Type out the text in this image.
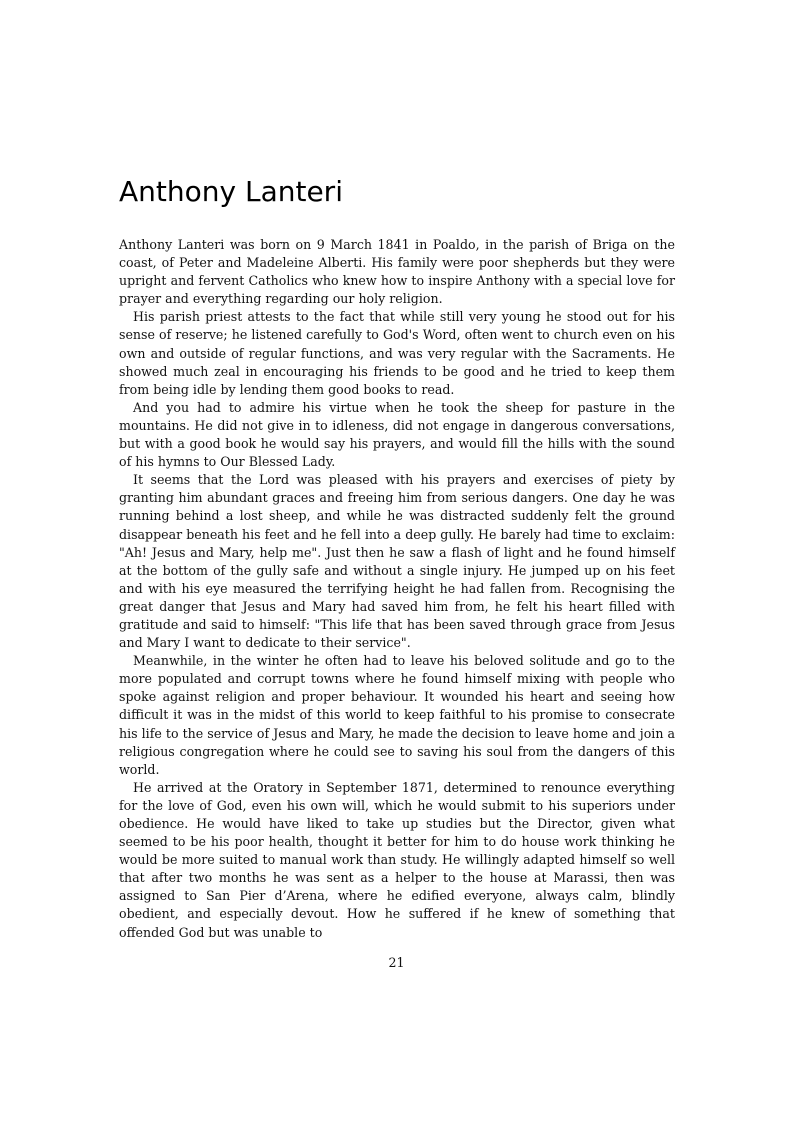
Anthony Lanteri

Anthony Lanteri was born on 9 March 1841 in Poaldo, in the parish of Briga on the coast, of Peter and Madeleine Alberti. His family were poor shepherds but they were upright and fervent Catholics who knew how to inspire Anthony with a special love for prayer and everything regarding our holy religion.

His parish priest attests to the fact that while still very young he stood out for his sense of reserve; he listened carefully to God's Word, often went to church even on his own and outside of regular functions, and was very regular with the Sacraments. He showed much zeal in encouraging his friends to be good and he tried to keep them from being idle by lending them good books to read.

And you had to admire his virtue when he took the sheep for pasture in the mountains. He did not give in to idleness, did not engage in dangerous conversations, but with a good book he would say his prayers, and would fill the hills with the sound of his hymns to Our Blessed Lady.

It seems that the Lord was pleased with his prayers and exercises of piety by granting him abundant graces and freeing him from serious dangers. One day he was running behind a lost sheep, and while he was distracted suddenly felt the ground disappear beneath his feet and he fell into a deep gully. He barely had time to exclaim: "Ah! Jesus and Mary, help me". Just then he saw a flash of light and he found himself at the bottom of the gully safe and without a single injury. He jumped up on his feet and with his eye measured the terrifying height he had fallen from. Recognising the great danger that Jesus and Mary had saved him from, he felt his heart filled with gratitude and said to himself: "This life that has been saved through grace from Jesus and Mary I want to dedicate to their service".

Meanwhile, in the winter he often had to leave his beloved solitude and go to the more populated and corrupt towns where he found himself mixing with people who spoke against religion and proper behaviour. It wounded his heart and seeing how difficult it was in the midst of this world to keep faithful to his promise to consecrate his life to the service of Jesus and Mary, he made the decision to leave home and join a religious congregation where he could see to saving his soul from the dangers of this world.

He arrived at the Oratory in September 1871, determined to renounce everything for the love of God, even his own will, which he would submit to his superiors under obedience. He would have liked to take up studies but the Director, given what seemed to be his poor health, thought it better for him to do house work thinking he would be more suited to manual work than study. He willingly adapted himself so well that after two months he was sent as a helper to the house at Marassi, then was assigned to San Pier d’Arena, where he edified everyone, always calm, blindly obedient, and especially devout. How he suffered if he knew of something that offended God but was unable to

21
